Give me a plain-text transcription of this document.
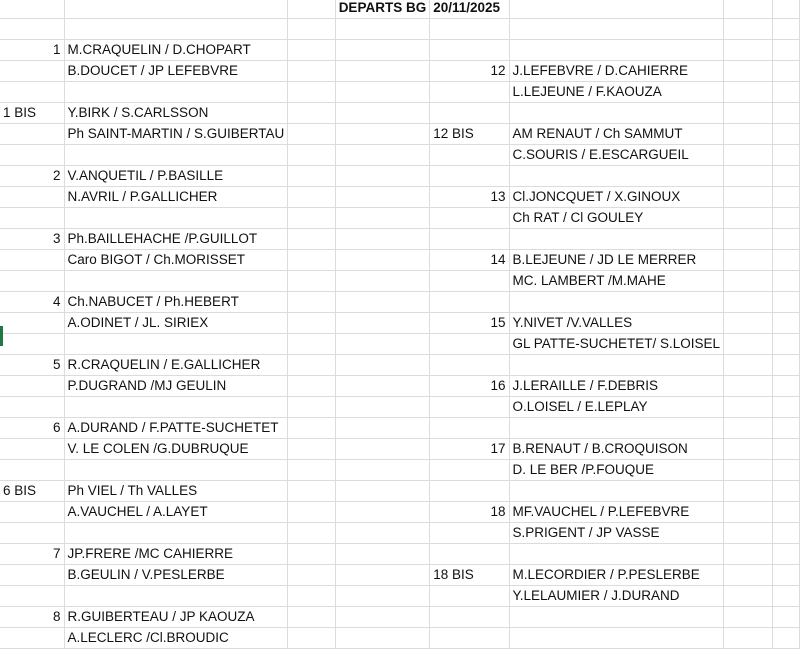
			DEPARTS BG	20/11/2025			

1	M.CRAQUELIN / D.CHOPART						
	B.DOUCET / JP LEFEBVRE			12	J.LEFEBVRE / D.CAHIERRE		
					L.LEJEUNE / F.KAOUZA		
1 BIS	Y.BIRK / S.CARLSSON						
	Ph SAINT-MARTIN / S.GUIBERTAU			12 BIS	AM RENAUT / Ch SAMMUT		
					C.SOURIS / E.ESCARGUEIL		
2	V.ANQUETIL / P.BASILLE						
	N.AVRIL / P.GALLICHER			13	Cl.JONCQUET / X.GINOUX		
					Ch RAT / Cl GOULEY		
3	Ph.BAILLEHACHE /P.GUILLOT						
	Caro BIGOT / Ch.MORISSET			14	B.LEJEUNE / JD LE MERRER		
					MC. LAMBERT /M.MAHE		
4	Ch.NABUCET / Ph.HEBERT						
	A.ODINET / JL. SIRIEX			15	Y.NIVET /V.VALLES		
					GL PATTE-SUCHETET/ S.LOISEL		
5	R.CRAQUELIN / E.GALLICHER						
	P.DUGRAND /MJ GEULIN			16	J.LERAILLE / F.DEBRIS		
					O.LOISEL / E.LEPLAY		
6	A.DURAND / F.PATTE-SUCHETET						
	V. LE COLEN /G.DUBRUQUE			17	B.RENAUT / B.CROQUISON		
					D. LE BER /P.FOUQUE		
6 BIS	Ph VIEL / Th VALLES						
	A.VAUCHEL / A.LAYET			18	MF.VAUCHEL / P.LEFEBVRE		
					S.PRIGENT / JP VASSE		
7	JP.FRERE /MC CAHIERRE						
	B.GEULIN / V.PESLERBE			18 BIS	M.LECORDIER / P.PESLERBE		
					Y.LELAUMIER / J.DURAND		
8	R.GUIBERTEAU / JP KAOUZA						
	A.LECLERC /Cl.BROUDIC						
